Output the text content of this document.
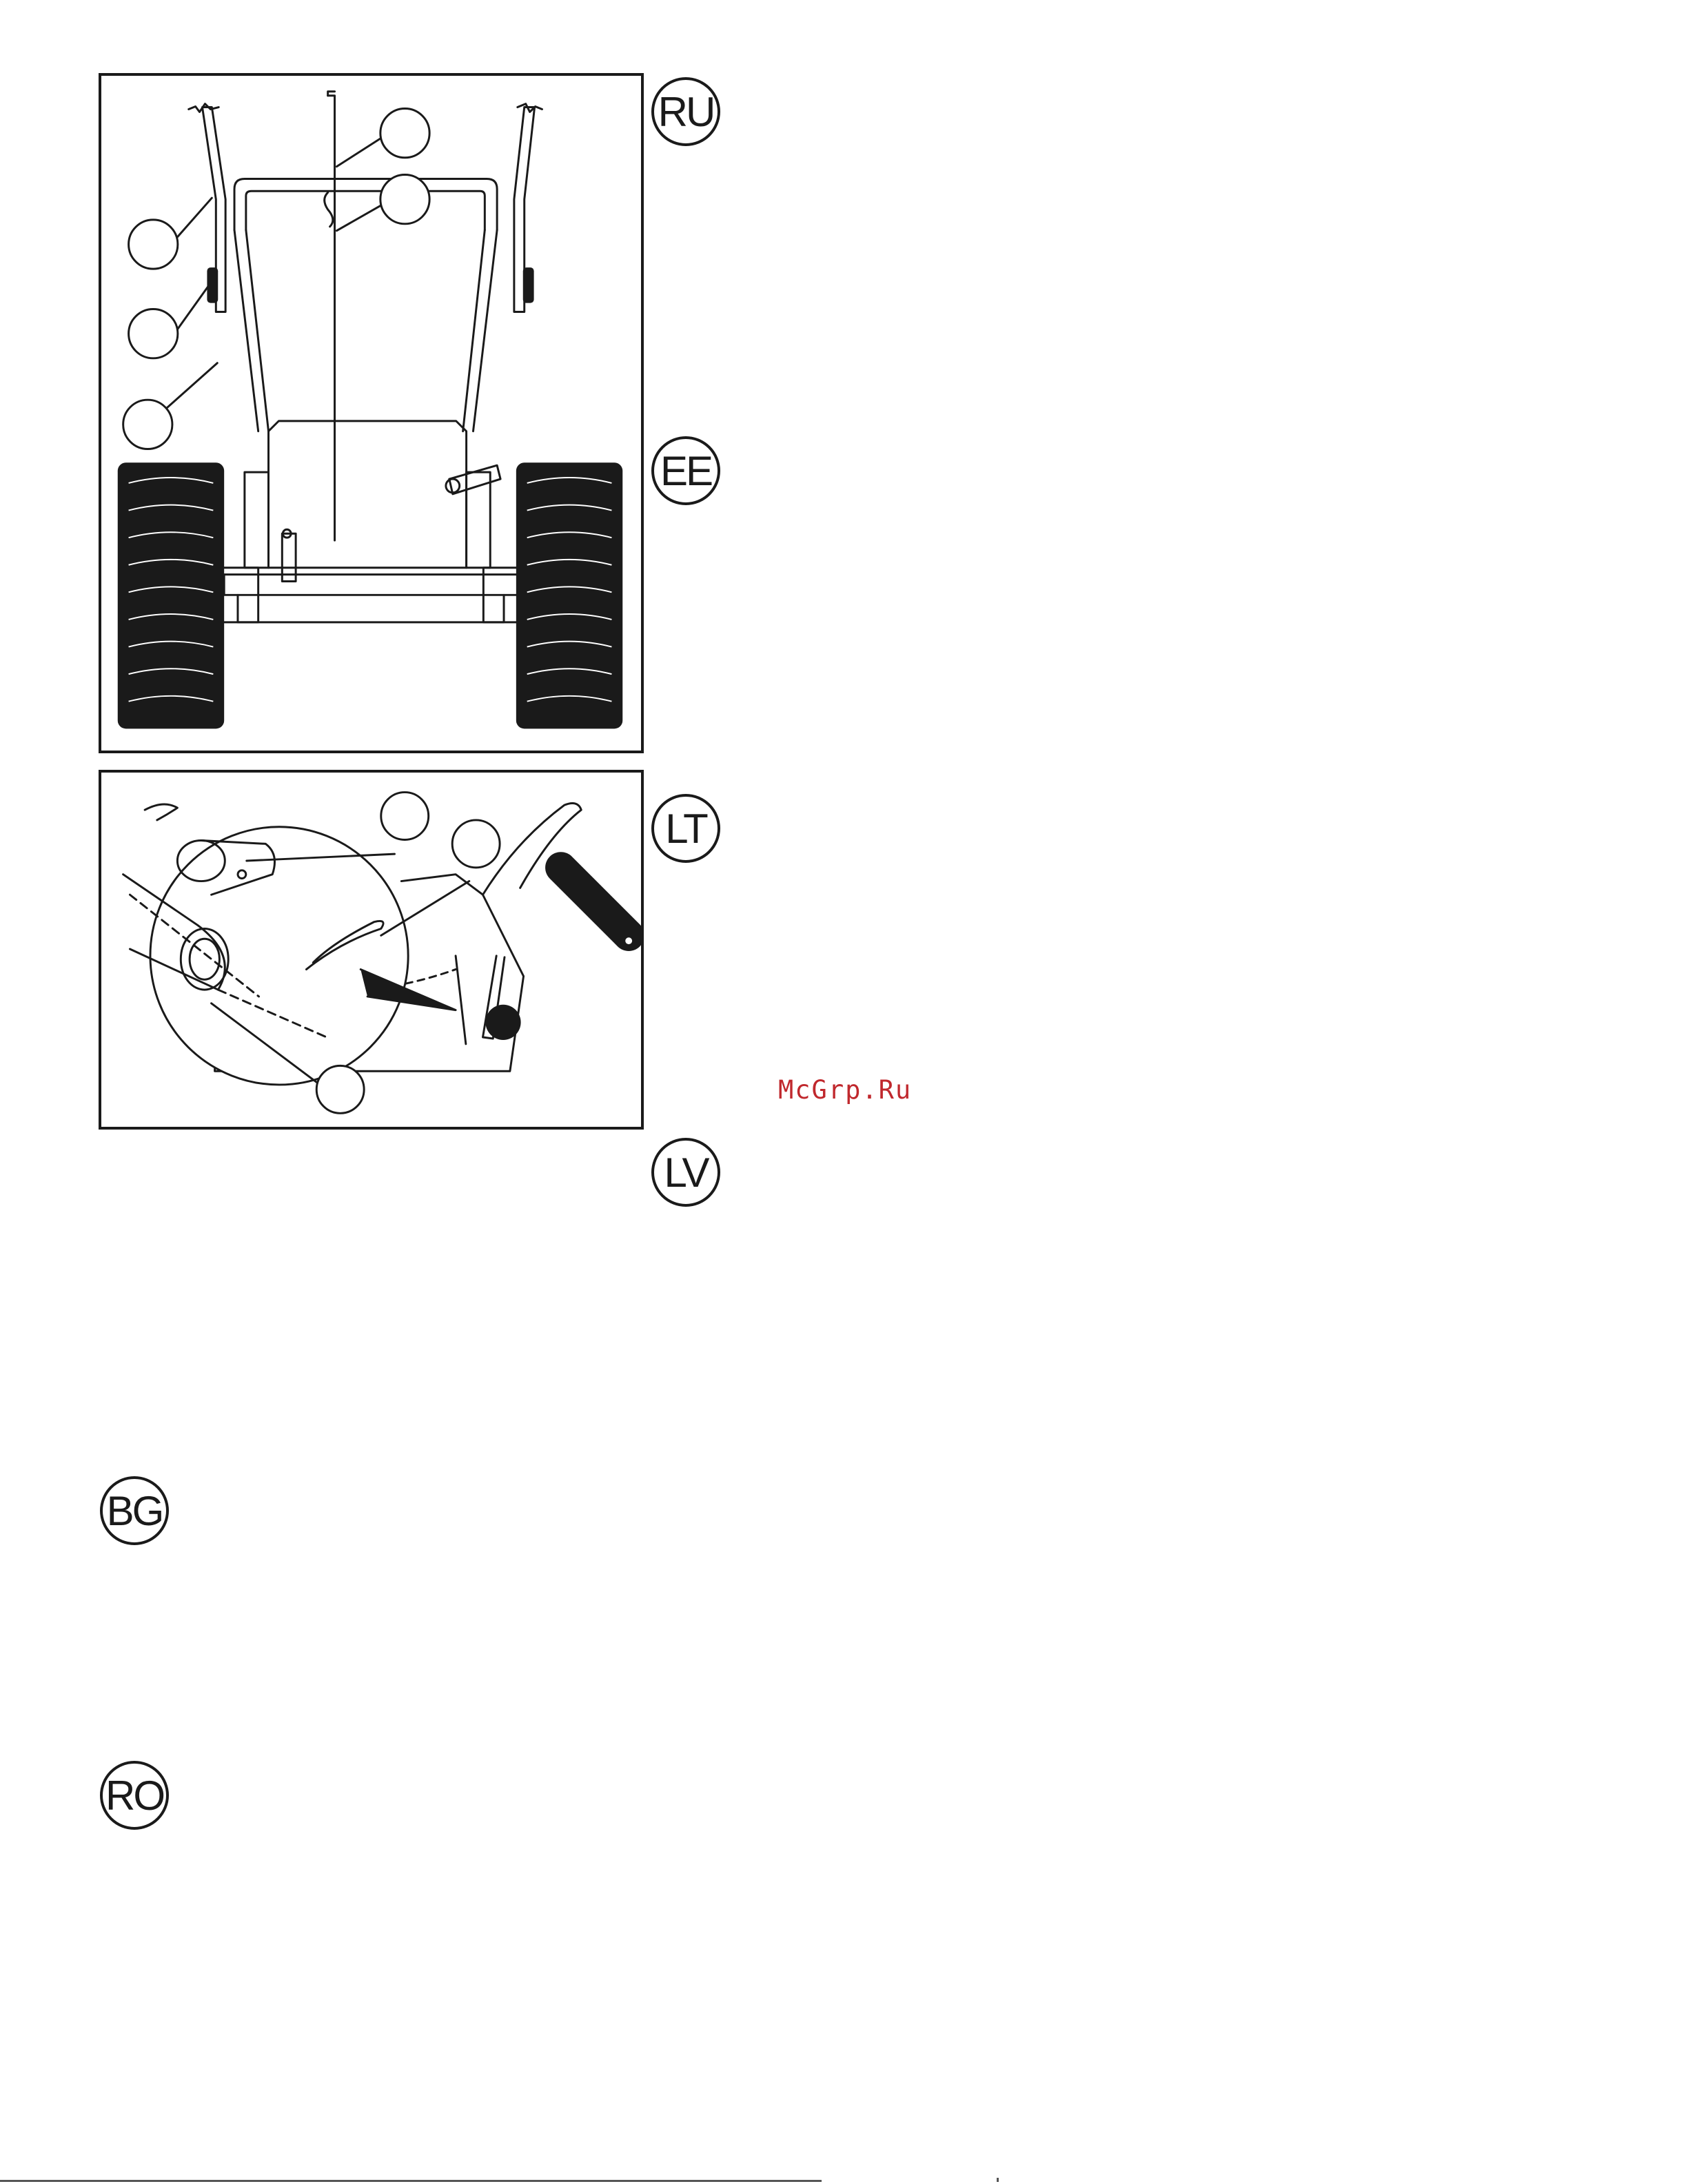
RU
EE
LT
LV
BG
RO
McGrp.Ru
